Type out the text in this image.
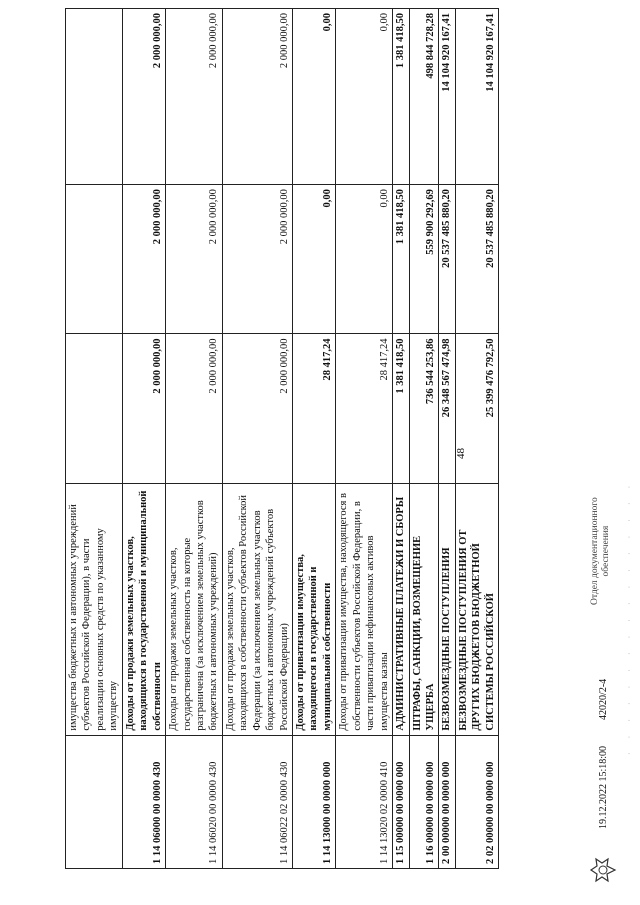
48
	имущества бюджетных и автономных учреждений субъектов Российской Федерации), в части реализации основных средств по указанному имуществу			
1 14 06000 00 0000 430	Доходы от продажи земельных участков, находящихся в государственной и муниципальной собственности	2 000 000,00	2 000 000,00	2 000 000,00
1 14 06020 00 0000 430	Доходы от продажи земельных участков, государственная собственность на которые разграничена (за исключением земельных участков бюджетных и автономных учреждений)	2 000 000,00	2 000 000,00	2 000 000,00
1 14 06022 02 0000 430	Доходы от продажи земельных участков, находящихся в собственности субъектов Российской Федерации (за исключением земельных участков бюджетных и автономных учреждений субъектов Российской Федерации)	2 000 000,00	2 000 000,00	2 000 000,00
1 14 13000 00 0000 000	Доходы от приватизации имущества, находящегося в государственной и муниципальной собственности	28 417,24	0,00	0,00
1 14 13020 02 0000 410	Доходы от приватизации имущества, находящегося в собственности субъектов Российской Федерации, в части приватизации нефинансовых активов имущества казны	28 417,24	0,00	0,00
1 15 00000 00 0000 000	АДМИНИСТРАТИВНЫЕ ПЛАТЕЖИ И СБОРЫ	1 381 418,50	1 381 418,50	1 381 418,50
1 16 00000 00 0000 000	ШТРАФЫ, САНКЦИИ, ВОЗМЕЩЕНИЕ УЩЕРБА	736 544 253,86	559 900 292,69	498 844 728,28
2 00 00000 00 0000 000	БЕЗВОЗМЕЗДНЫЕ ПОСТУПЛЕНИЯ	26 348 567 474,98	20 537 485 880,20	14 104 920 167,41
2 02 00000 00 0000 000	БЕЗВОЗМЕЗДНЫЕ ПОСТУПЛЕНИЯ ОТ ДРУГИХ БЮДЖЕТОВ БЮДЖЕТНОЙ СИСТЕМЫ РОССИЙСКОЙ	25 399 476 792,50	20 537 485 880,20	14 104 920 167,41
19.12.2022 15:18:00
42020/2-4
Отдел документационного обеспечения · · · · · · · · · · · · · · · · ·
